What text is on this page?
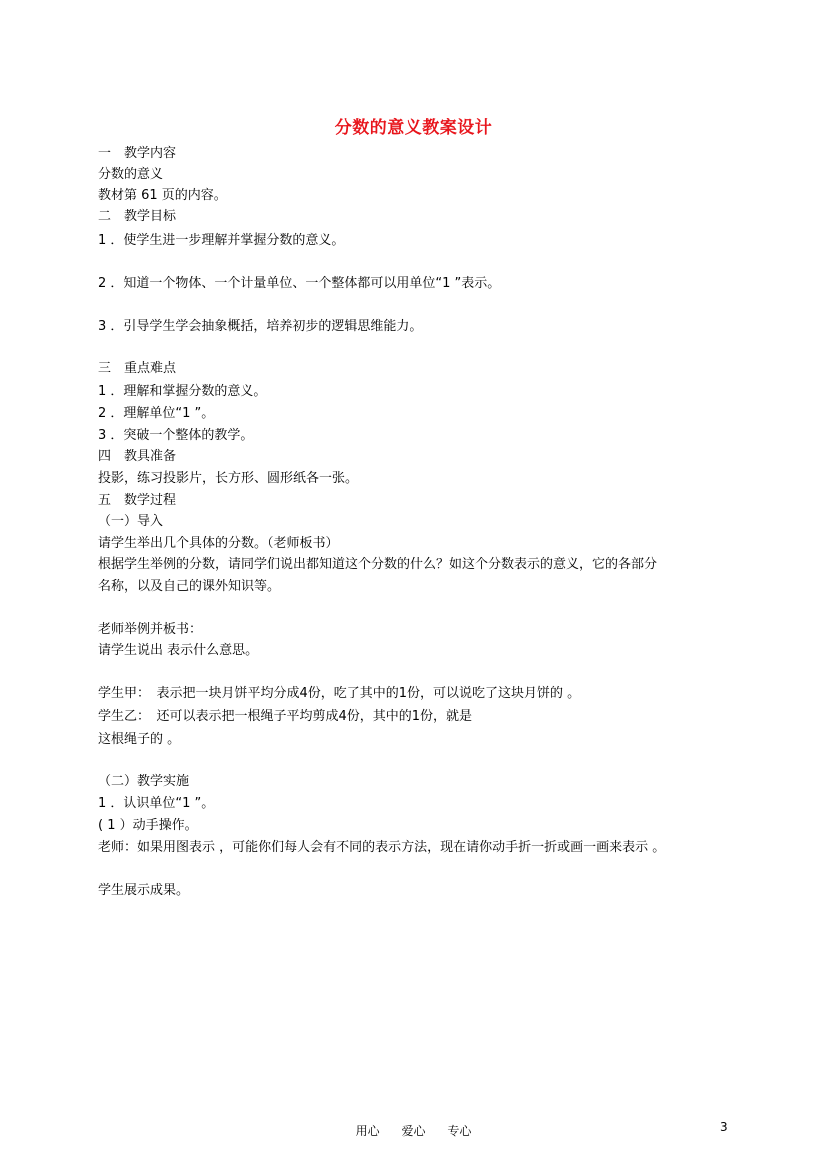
分数的意义教案设计
一　教学内容
分数的意义
教材第 61 页的内容。
二　教学目标
1 ．使学生进一步理解并掌握分数的意义。
2 ．知道一个物体、一个计量单位、一个整体都可以用单位“1 ”表示。
3 ．引导学生学会抽象概括，培养初步的逻辑思维能力。
三　重点难点
1 ．理解和掌握分数的意义。
2 ．理解单位“1 ”。
3 ．突破一个整体的教学。
四　教具准备
投影，练习投影片，长方形、圆形纸各一张。
五　数学过程
（一）导入
请学生举出几个具体的分数。（老师板书）
根据学生举例的分数，请同学们说出都知道这个分数的什么？如这个分数表示的意义，它的各部分
名称，以及自己的课外知识等。
老师举例并板书：
请学生说出 表示什么意思。
学生甲：　表示把一块月饼平均分成4份，吃了其中的1份，可以说吃了这块月饼的 。
学生乙：　还可以表示把一根绳子平均剪成4份，其中的1份，就是
这根绳子的 。
（二）教学实施
1 ．认识单位“1 ”。
( 1 ）动手操作。
老师：如果用图表示 ，可能你们每人会有不同的表示方法，现在请你动手折一折或画一画来表示 。
学生展示成果。
用心 爱心 专心	3
